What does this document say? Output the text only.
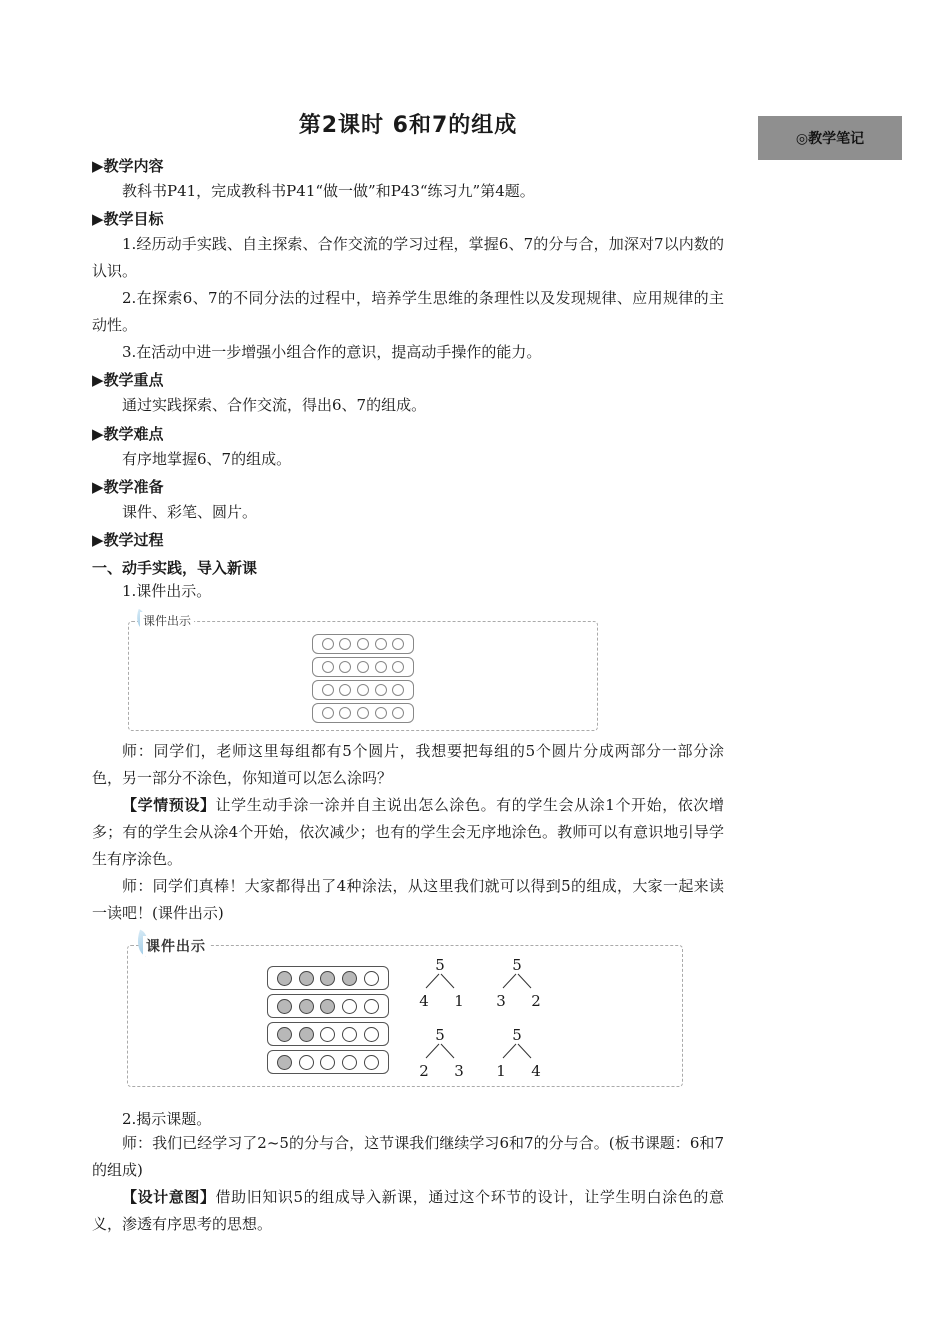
第2课时 6和7的组成
◎教学笔记
▶教学内容
教科书P41，完成教科书P41“做一做”和P43“练习九”第4题。
▶教学目标
1.经历动手实践、自主探索、合作交流的学习过程，掌握6、7的分与合，加深对7以内数的认识。
2.在探索6、7的不同分法的过程中，培养学生思维的条理性以及发现规律、应用规律的主动性。
3.在活动中进一步增强小组合作的意识，提高动手操作的能力。
▶教学重点
通过实践探索、合作交流，得出6、7的组成。
▶教学难点
有序地掌握6、7的组成。
▶教学准备
课件、彩笔、圆片。
▶教学过程
一、动手实践，导入新课
1.课件出示。
课件出示
师：同学们，老师这里每组都有5个圆片，我想要把每组的5个圆片分成两部分一部分涂色，另一部分不涂色，你知道可以怎么涂吗？
【学情预设】让学生动手涂一涂并自主说出怎么涂色。有的学生会从涂1个开始，依次增多；有的学生会从涂4个开始，依次减少；也有的学生会无序地涂色。教师可以有意识地引导学生有序涂色。
师：同学们真棒！大家都得出了4种涂法，从这里我们就可以得到5的组成，大家一起来读一读吧！(课件出示)
课件出示
5
4 1
5
3 2
5
2 3
5
1 4
2.揭示课题。
师：我们已经学习了2~5的分与合，这节课我们继续学习6和7的分与合。(板书课题：6和7的组成)
【设计意图】借助旧知识5的组成导入新课，通过这个环节的设计，让学生明白涂色的意义，渗透有序思考的思想。
